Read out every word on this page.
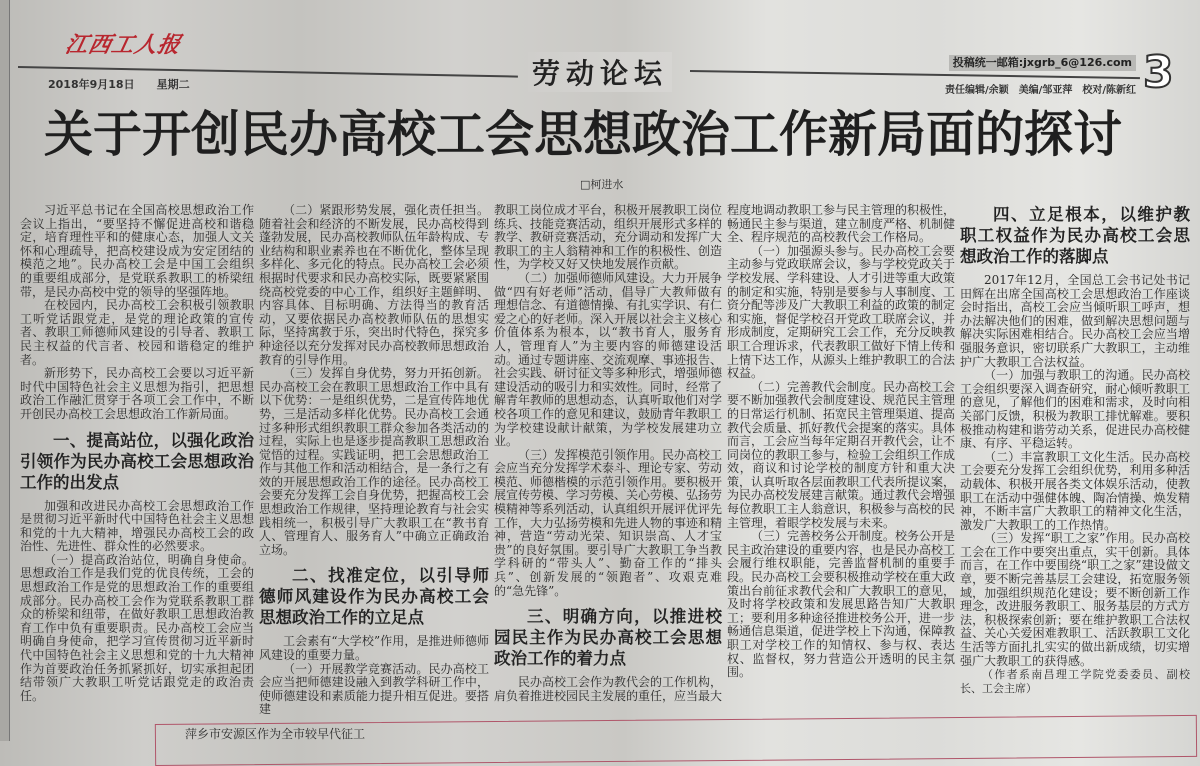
江西工人报
劳动论坛
2018年9月18日 星期二
投稿统一邮箱:jxgrb_6@126.com 3
责任编辑/余颖 美编/邹亚萍 校对/陈新红
关于开创民办高校工会思想政治工作新局面的探讨
□柯进水

习近平总书记在全国高校思想政治工作会议上指出，“要坚持不懈促进高校和谐稳定，培育理性平和的健康心态，加强人文关怀和心理疏导，把高校建设成为安定团结的模范之地”。民办高校工会是中国工会组织的重要组成部分，是党联系教职工的桥梁纽带，是民办高校中党的领导的坚强阵地。

在校园内，民办高校工会积极引领教职工听党话跟党走，是党的理论政策的宣传者、教职工师德师风建设的引导者、教职工民主权益的代言者、校园和谐稳定的维护者。

新形势下，民办高校工会要以习近平新时代中国特色社会主义思想为指引，把思想政治工作融汇贯穿于各项工会工作中，不断开创民办高校工会思想政治工作新局面。

一、提高站位，以强化政治引领作为民办高校工会思想政治工作的出发点

加强和改进民办高校工会思想政治工作是贯彻习近平新时代中国特色社会主义思想和党的十九大精神，增强民办高校工会的政治性、先进性、群众性的必然要求。

（一）提高政治站位，明确自身使命。思想政治工作是我们党的优良传统，工会的思想政治工作是党的思想政治工作的重要组成部分。民办高校工会作为党联系教职工群众的桥梁和纽带，在做好教职工思想政治教育工作中负有重要职责。民办高校工会应当明确自身使命，把学习宣传贯彻习近平新时代中国特色社会主义思想和党的十九大精神作为首要政治任务抓紧抓好，切实承担起团结带领广大教职工听党话跟党走的政治责任。

（二）紧跟形势发展，强化责任担当。随着社会和经济的不断发展，民办高校得到蓬勃发展，民办高校教师队伍年龄构成、专业结构和职业素养也在不断优化，整体呈现多样化、多元化的特点。民办高校工会必须根据时代要求和民办高校实际，既要紧紧围绕高校党委的中心工作，组织好主题鲜明、内容具体、目标明确、方法得当的教育活动，又要依据民办高校教师队伍的思想实际，坚持寓教于乐，突出时代特色，探究多种途径以充分发挥对民办高校教师思想政治教育的引导作用。

（三）发挥自身优势，努力开拓创新。民办高校工会在教职工思想政治工作中具有以下优势：一是组织优势，二是宣传阵地优势，三是活动多样化优势。民办高校工会通过多种形式组织教职工群众参加各类活动的过程，实际上也是逐步提高教职工思想政治觉悟的过程。实践证明，把工会思想政治工作与其他工作和活动相结合，是一条行之有效的开展思想政治工作的途径。民办高校工会要充分发挥工会自身优势，把握高校工会思想政治工作规律，坚持理论教育与社会实践相统一，积极引导广大教职工在“教书育人、管理育人、服务育人”中确立正确政治立场。

二、找准定位，以引导师德师风建设作为民办高校工会思想政治工作的立足点

工会素有“大学校”作用，是推进师德师风建设的重要力量。

（一）开展教学竞赛活动。民办高校工会应当把师德建设融入到教学科研工作中，使师德建设和素质能力提升相互促进。要搭建

教职工岗位成才平台，积极开展教职工岗位练兵、技能竞赛活动，组织开展形式多样的教学、教研竞赛活动，充分调动和发挥广大教职工的主人翁精神和工作的积极性、创造性，为学校又好又快地发展作贡献。

（二）加强师德师风建设。大力开展争做“四有好老师”活动，倡导广大教师做有理想信念、有道德情操、有扎实学识、有仁爱之心的好老师。深入开展以社会主义核心价值体系为根本，以“教书育人，服务育人，管理育人”为主要内容的师德建设活动。通过专题讲座、交流观摩、事迹报告、社会实践、研讨征文等多种形式，增强师德建设活动的吸引力和实效性。同时，经常了解青年教师的思想动态，认真听取他们对学校各项工作的意见和建议，鼓励青年教职工为学校建设献计献策，为学校发展建功立业。

（三）发挥模范引领作用。民办高校工会应当充分发挥学术泰斗、理论专家、劳动模范、师德楷模的示范引领作用。要积极开展宣传劳模、学习劳模、关心劳模、弘扬劳模精神等系列活动，认真组织开展评优评先工作，大力弘扬劳模和先进人物的事迹和精神，营造“劳动光荣、知识崇高、人才宝贵”的良好氛围。要引导广大教职工争当教学科研的“带头人”、勤奋工作的“排头兵”、创新发展的“领跑者”、攻艰克难的“急先锋”。

三、明确方向，以推进校园民主作为民办高校工会思想政治工作的着力点

民办高校工会作为教代会的工作机构，肩负着推进校园民主发展的重任，应当最大

程度地调动教职工参与民主管理的积极性，畅通民主参与渠道，建立制度严格、机制健全、程序规范的高校教代会工作格局。

（一）加强源头参与。民办高校工会要主动参与党政联席会议，参与学校党政关于学校发展、学科建设、人才引进等重大政策的制定和实施，特别是要参与人事制度、工资分配等涉及广大教职工利益的政策的制定和实施，督促学校召开党政工联席会议，并形成制度，定期研究工会工作，充分反映教职工合理诉求，代表教职工做好下情上传和上情下达工作，从源头上维护教职工的合法权益。

（二）完善教代会制度。民办高校工会要不断加强教代会制度建设、规范民主管理的日常运行机制、拓宽民主管理渠道、提高教代会质量、抓好教代会提案的落实。具体而言，工会应当每年定期召开教代会，让不同岗位的教职工参与，检验工会组织工作成效，商议和讨论学校的制度方针和重大决策，认真听取各层面教职工代表所提议案，为民办高校发展建言献策。通过教代会增强每位教职工主人翁意识，积极参与高校的民主管理，着眼学校发展与未来。

（三）完善校务公开制度。校务公开是民主政治建设的重要内容，也是民办高校工会履行维权职能，完善监督机制的重要手段。民办高校工会要积极推动学校在重大政策出台前征求教代会和广大教职工的意见，及时将学校政策和发展思路告知广大教职工；要利用多种途径推进校务公开，进一步畅通信息渠道，促进学校上下沟通，保障教职工对学校工作的知情权、参与权、表达权、监督权，努力营造公开透明的民主氛围。

四、立足根本，以维护教职工权益作为民办高校工会思想政治工作的落脚点

2017年12月，全国总工会书记处书记田辉在出席全国高校工会思想政治工作座谈会时指出，高校工会应当倾听职工呼声，想办法解决他们的困难，做到解决思想问题与解决实际困难相结合。民办高校工会应当增强服务意识，密切联系广大教职工，主动维护广大教职工合法权益。

（一）加强与教职工的沟通。民办高校工会组织要深入调查研究，耐心倾听教职工的意见，了解他们的困难和需求，及时向相关部门反馈，积极为教职工排忧解难。要积极推动构建和谐劳动关系，促进民办高校健康、有序、平稳运转。

（二）丰富教职工文化生活。民办高校工会要充分发挥工会组织优势，利用多种活动载体、积极开展各类文体娱乐活动，使教职工在活动中强健体魄、陶冶情操、焕发精神，不断丰富广大教职工的精神文化生活，激发广大教职工的工作热情。

（三）发挥“职工之家”作用。民办高校工会在工作中要突出重点，实干创新。具体而言，在工作中要围绕“职工之家”建设做文章，要不断完善基层工会建设，拓宽服务领域，加强组织规范化建设；要不断创新工作理念，改进服务教职工、服务基层的方式方法，积极探索创新；要在维护教职工合法权益、关心关爱困难教职工、活跃教职工文化生活等方面扎扎实实的做出新成绩，切实增强广大教职工的获得感。

（作者系南昌理工学院党委委员、副校长、工会主席）

萍乡市安源区作为全市较早代征工
